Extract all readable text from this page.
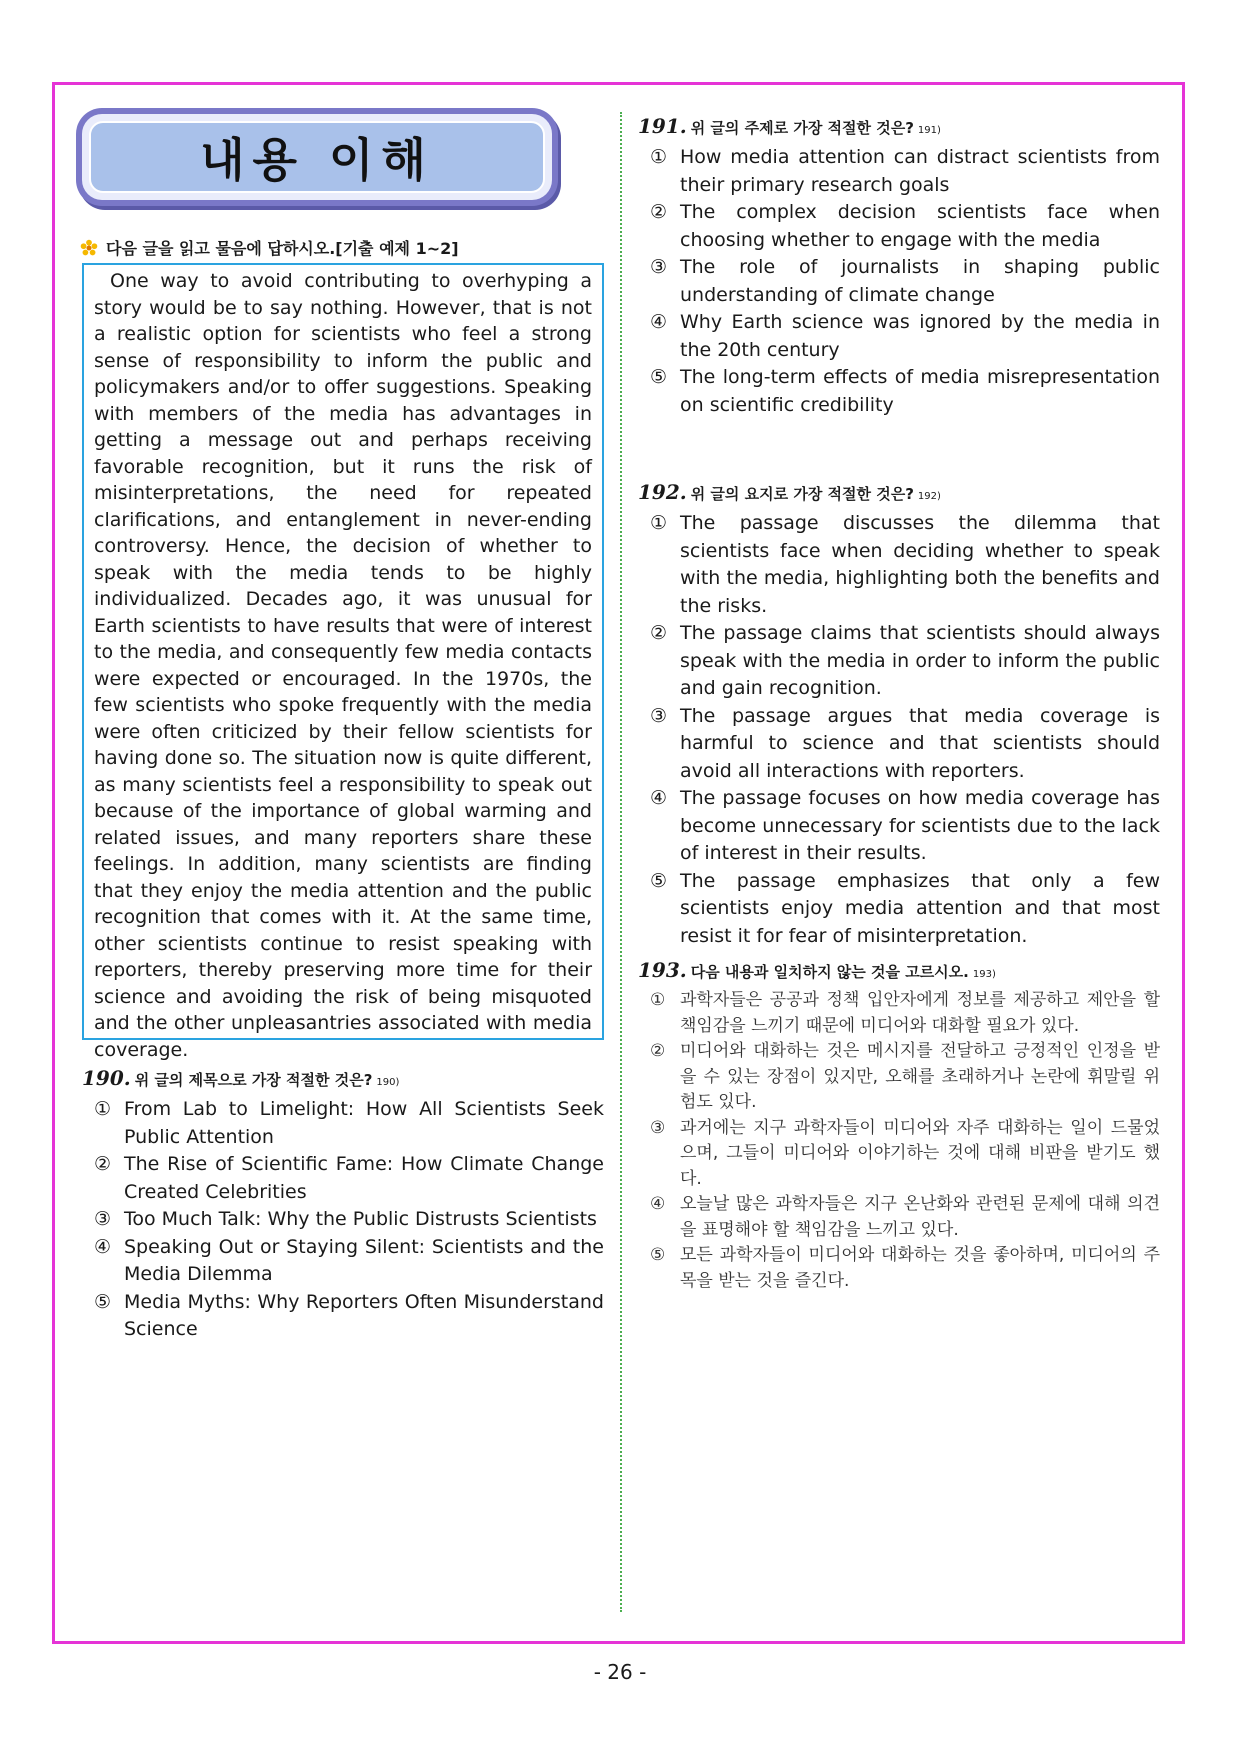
내용 이해
다음 글을 읽고 물음에 답하시오.[기출 예제 1~2]

One way to avoid contributing to overhyping a story would be to say nothing. However, that is not a realistic option for scientists who feel a strong sense of responsibility to inform the public and policymakers and/or to offer suggestions. Speaking with members of the media has advantages in getting a message out and perhaps receiving favorable recognition, but it runs the risk of misinterpretations, the need for repeated clarifications, and entanglement in never-ending controversy. Hence, the decision of whether to speak with the media tends to be highly individualized. Decades ago, it was unusual for Earth scientists to have results that were of interest to the media, and consequently few media contacts were expected or encouraged. In the 1970s, the few scientists who spoke frequently with the media were often criticized by their fellow scientists for having done so. The situation now is quite different, as many scientists feel a responsibility to speak out because of the importance of global warming and related issues, and many reporters share these feelings. In addition, many scientists are finding that they enjoy the media attention and the public recognition that comes with it. At the same time, other scientists continue to resist speaking with reporters, thereby preserving more time for their science and avoiding the risk of being misquoted and the other unpleasantries associated with media coverage.

190. 위 글의 제목으로 가장 적절한 것은? 190)
① From Lab to Limelight: How All Scientists Seek Public Attention
② The Rise of Scientific Fame: How Climate Change Created Celebrities
③ Too Much Talk: Why the Public Distrusts Scientists
④ Speaking Out or Staying Silent: Scientists and the Media Dilemma
⑤ Media Myths: Why Reporters Often Misunderstand Science
191. 위 글의 주제로 가장 적절한 것은? 191)
① How media attention can distract scientists from their primary research goals
② The complex decision scientists face when choosing whether to engage with the media
③ The role of journalists in shaping public understanding of climate change
④ Why Earth science was ignored by the media in the 20th century
⑤ The long-term effects of media misrepresentation on scientific credibility
192. 위 글의 요지로 가장 적절한 것은? 192)
① The passage discusses the dilemma that scientists face when deciding whether to speak with the media, highlighting both the benefits and the risks.
② The passage claims that scientists should always speak with the media in order to inform the public and gain recognition.
③ The passage argues that media coverage is harmful to science and that scientists should avoid all interactions with reporters.
④ The passage focuses on how media coverage has become unnecessary for scientists due to the lack of interest in their results.
⑤ The passage emphasizes that only a few scientists enjoy media attention and that most resist it for fear of misinterpretation.
193. 다음 내용과 일치하지 않는 것을 고르시오. 193)
① 과학자들은 공공과 정책 입안자에게 정보를 제공하고 제안을 할 책임감을 느끼기 때문에 미디어와 대화할 필요가 있다.
② 미디어와 대화하는 것은 메시지를 전달하고 긍정적인 인정을 받을 수 있는 장점이 있지만, 오해를 초래하거나 논란에 휘말릴 위험도 있다.
③ 과거에는 지구 과학자들이 미디어와 자주 대화하는 일이 드물었으며, 그들이 미디어와 이야기하는 것에 대해 비판을 받기도 했다.
④ 오늘날 많은 과학자들은 지구 온난화와 관련된 문제에 대해 의견을 표명해야 할 책임감을 느끼고 있다.
⑤ 모든 과학자들이 미디어와 대화하는 것을 좋아하며, 미디어의 주목을 받는 것을 즐긴다.
- 26 -
